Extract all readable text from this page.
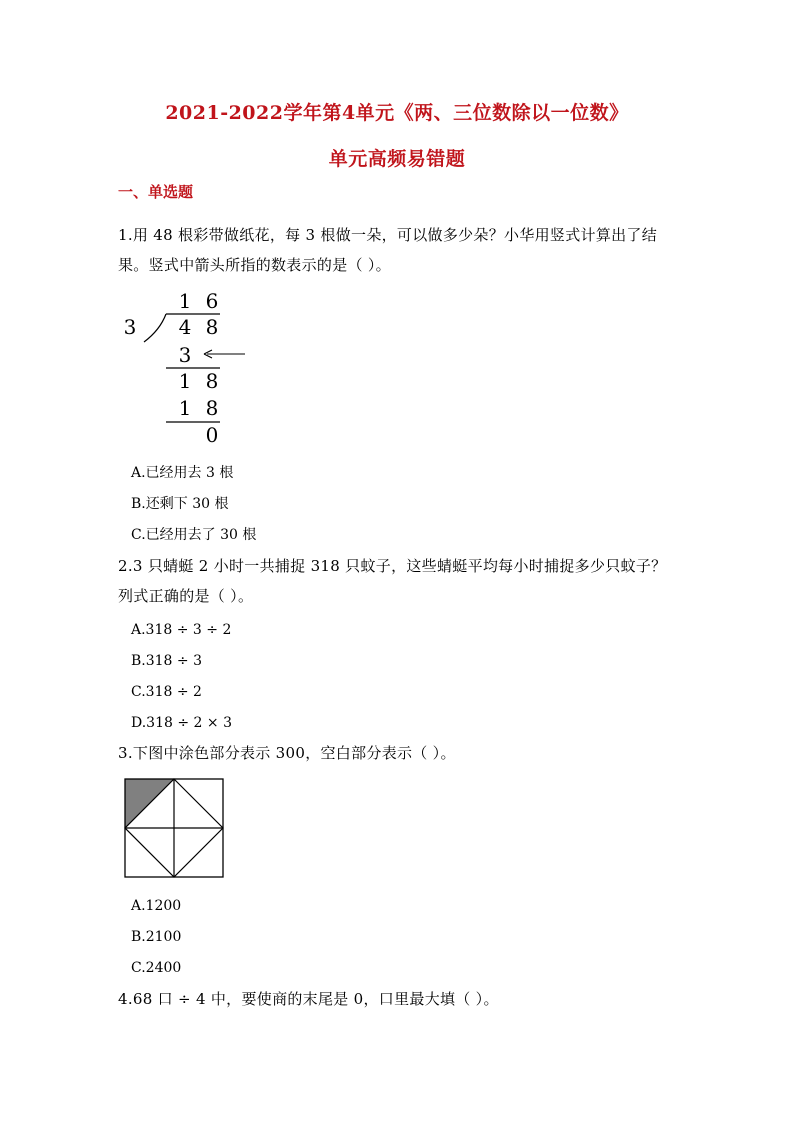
2021-2022学年第4单元《两、三位数除以一位数》
单元高频易错题
一、单选题
1.用 48 根彩带做纸花，每 3 根做一朵，可以做多少朵？小华用竖式计算出了结
果。竖式中箭头所指的数表示的是（ ）。
1 6
3 4 8
3
1 8
1 8
0
A.已经用去 3 根
B.还剩下 30 根
C.已经用去了 30 根
2.3 只蜻蜓 2 小时一共捕捉 318 只蚊子，这些蜻蜓平均每小时捕捉多少只蚊子？
列式正确的是（ ）。
A.318 ÷ 3 ÷ 2
B.318 ÷ 3
C.318 ÷ 2
D.318 ÷ 2 × 3
3.下图中涂色部分表示 300，空白部分表示（ ）。
A.1200
B.2100
C.2400
4.68 口 ÷ 4 中，要使商的末尾是 0，口里最大填（ ）。
